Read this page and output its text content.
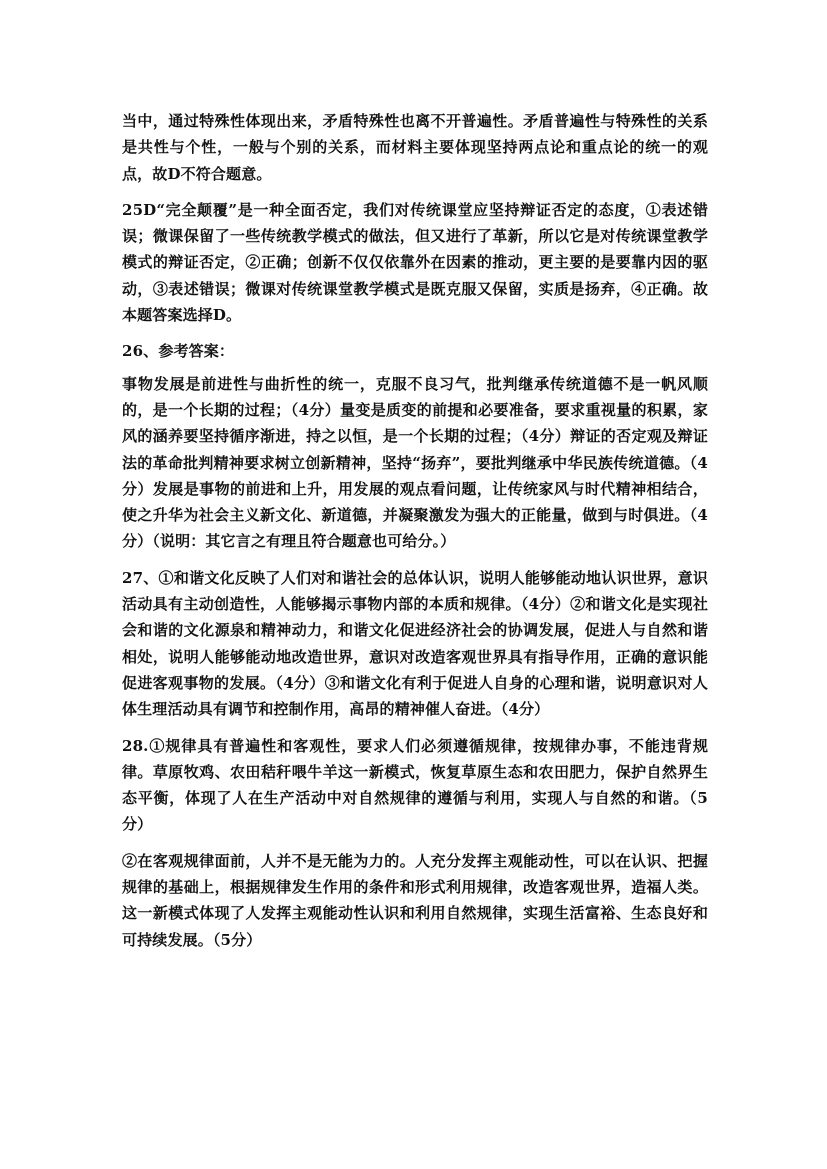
当中，通过特殊性体现出来，矛盾特殊性也离不开普遍性。矛盾普遍性与特殊性的关系是共性与个性，一般与个别的关系，而材料主要体现坚持两点论和重点论的统一的观点，故D不符合题意。

25D“完全颠覆”是一种全面否定，我们对传统课堂应坚持辩证否定的态度，①表述错误；微课保留了一些传统教学模式的做法，但又进行了革新，所以它是对传统课堂教学模式的辩证否定，②正确；创新不仅仅依靠外在因素的推动，更主要的是要靠内因的驱动，③表述错误；微课对传统课堂教学模式是既克服又保留，实质是扬弃，④正确。故本题答案选择D。

26、参考答案：

事物发展是前进性与曲折性的统一，克服不良习气，批判继承传统道德不是一帆风顺的，是一个长期的过程；（4分）量变是质变的前提和必要准备，要求重视量的积累，家风的涵养要坚持循序渐进，持之以恒，是一个长期的过程；（4分）辩证的否定观及辩证法的革命批判精神要求树立创新精神，坚持“扬弃”，要批判继承中华民族传统道德。（4分）发展是事物的前进和上升，用发展的观点看问题，让传统家风与时代精神相结合，使之升华为社会主义新文化、新道德，并凝聚激发为强大的正能量，做到与时俱进。（4分）（说明：其它言之有理且符合题意也可给分。）

27、①和谐文化反映了人们对和谐社会的总体认识，说明人能够能动地认识世界，意识活动具有主动创造性，人能够揭示事物内部的本质和规律。（4分）②和谐文化是实现社会和谐的文化源泉和精神动力，和谐文化促进经济社会的协调发展，促进人与自然和谐相处，说明人能够能动地改造世界，意识对改造客观世界具有指导作用，正确的意识能促进客观事物的发展。（4分）③和谐文化有利于促进人自身的心理和谐，说明意识对人体生理活动具有调节和控制作用，高昂的精神催人奋进。（4分）

28.①规律具有普遍性和客观性，要求人们必须遵循规律，按规律办事，不能违背规律。草原牧鸡、农田秸秆喂牛羊这一新模式，恢复草原生态和农田肥力，保护自然界生态平衡，体现了人在生产活动中对自然规律的遵循与利用，实现人与自然的和谐。（5分）

②在客观规律面前，人并不是无能为力的。人充分发挥主观能动性，可以在认识、把握规律的基础上，根据规律发生作用的条件和形式利用规律，改造客观世界，造福人类。这一新模式体现了人发挥主观能动性认识和利用自然规律，实现生活富裕、生态良好和可持续发展。（5分）
